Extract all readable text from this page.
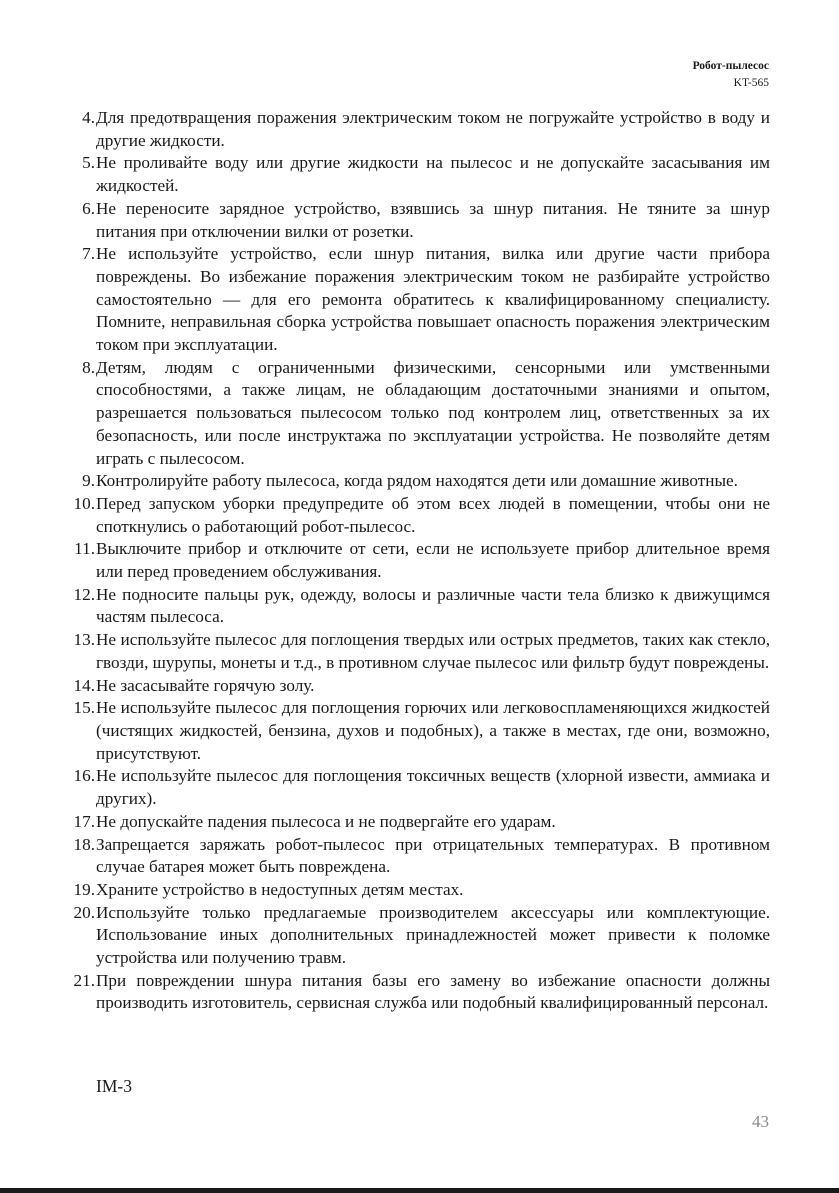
Робот-пылесос
KT-565
4. Для предотвращения поражения электрическим током не погружайте устройство в воду и другие жидкости.
5. Не проливайте воду или другие жидкости на пылесос и не допускайте засасывания им жидкостей.
6. Не переносите зарядное устройство, взявшись за шнур питания. Не тяните за шнур питания при отключении вилки от розетки.
7. Не используйте устройство, если шнур питания, вилка или другие части прибора повреждены. Во избежание поражения электрическим током не разбирайте устройство самостоятельно — для его ремонта обратитесь к квалифицированному специалисту. Помните, неправильная сборка устройства повышает опасность поражения электрическим током при эксплуатации.
8. Детям, людям с ограниченными физическими, сенсорными или умственными способностями, а также лицам, не обладающим достаточными знаниями и опытом, разрешается пользоваться пылесосом только под контролем лиц, ответственных за их безопасность, или после инструктажа по эксплуатации устройства. Не позволяйте детям играть с пылесосом.
9. Контролируйте работу пылесоса, когда рядом находятся дети или домашние животные.
10. Перед запуском уборки предупредите об этом всех людей в помещении, чтобы они не споткнулись о работающий робот-пылесос.
11. Выключите прибор и отключите от сети, если не используете прибор длительное время или перед проведением обслуживания.
12. Не подносите пальцы рук, одежду, волосы и различные части тела близко к движущимся частям пылесоса.
13. Не используйте пылесос для поглощения твердых или острых предметов, таких как стекло, гвозди, шурупы, монеты и т.д., в противном случае пылесос или фильтр будут повреждены.
14. Не засасывайте горячую золу.
15. Не используйте пылесос для поглощения горючих или легковоспламеняющихся жидкостей (чистящих жидкостей, бензина, духов и подобных), а также в местах, где они, возможно, присутствуют.
16. Не используйте пылесос для поглощения токсичных веществ (хлорной извести, аммиака и других).
17. Не допускайте падения пылесоса и не подвергайте его ударам.
18. Запрещается заряжать робот-пылесос при отрицательных температурах. В противном случае батарея может быть повреждена.
19. Храните устройство в недоступных детям местах.
20. Используйте только предлагаемые производителем аксессуары или комплектующие. Использование иных дополнительных принадлежностей может привести к поломке устройства или получению травм.
21. При повреждении шнура питания базы его замену во избежание опасности должны производить изготовитель, сервисная служба или подобный квалифицированный персонал.
IM-3
43
